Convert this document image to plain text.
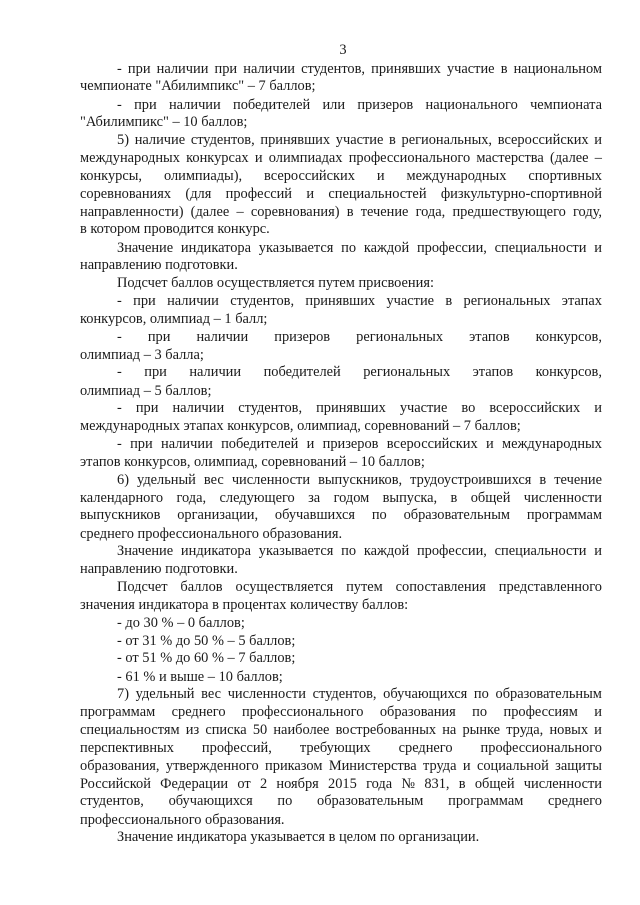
3
- при наличии при наличии студентов, принявших участие в национальном
чемпионате "Абилимпикс" – 7 баллов;
- при наличии победителей или призеров национального чемпионата
"Абилимпикс" – 10 баллов;
5) наличие студентов, принявших участие в региональных, всероссийских и
международных конкурсах и олимпиадах профессионального мастерства (далее –
конкурсы, олимпиады), всероссийских и международных спортивных
соревнованиях (для профессий и специальностей физкультурно-спортивной
направленности) (далее – соревнования) в течение года, предшествующего году,
в котором проводится конкурс.
Значение индикатора указывается по каждой профессии, специальности и
направлению подготовки.
Подсчет баллов осуществляется путем присвоения:
- при наличии студентов, принявших участие в региональных этапах
конкурсов, олимпиад – 1 балл;
- при наличии призеров региональных этапов конкурсов,
олимпиад – 3 балла;
- при наличии победителей региональных этапов конкурсов,
олимпиад – 5 баллов;
- при наличии студентов, принявших участие во всероссийских и
международных этапах конкурсов, олимпиад, соревнований – 7 баллов;
- при наличии победителей и призеров всероссийских и международных
этапов конкурсов, олимпиад, соревнований – 10 баллов;
6) удельный вес численности выпускников, трудоустроившихся в течение
календарного года, следующего за годом выпуска, в общей численности
выпускников организации, обучавшихся по образовательным программам
среднего профессионального образования.
Значение индикатора указывается по каждой профессии, специальности и
направлению подготовки.
Подсчет баллов осуществляется путем сопоставления представленного
значения индикатора в процентах количеству баллов:
- до 30 % – 0 баллов;
- от 31 % до 50 % – 5 баллов;
- от 51 % до 60 % – 7 баллов;
- 61 % и выше – 10 баллов;
7) удельный вес численности студентов, обучающихся по образовательным
программам среднего профессионального образования по профессиям и
специальностям из списка 50 наиболее востребованных на рынке труда, новых и
перспективных профессий, требующих среднего профессионального
образования, утвержденного приказом Министерства труда и социальной защиты
Российской Федерации от 2 ноября 2015 года № 831, в общей численности
студентов, обучающихся по образовательным программам среднего
профессионального образования.
Значение индикатора указывается в целом по организации.
